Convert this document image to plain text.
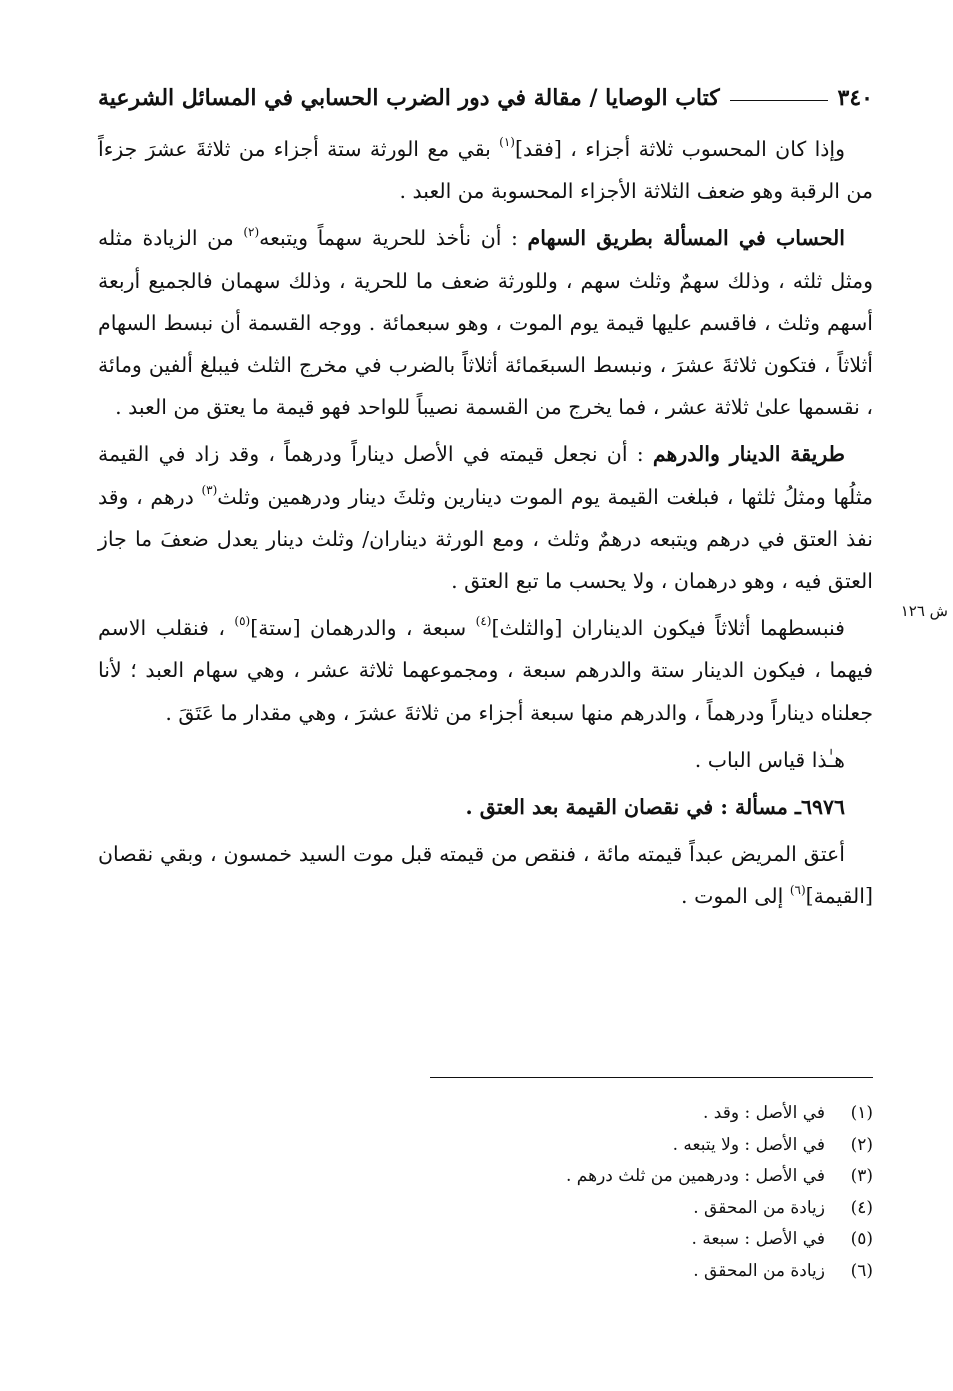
٣٤٠
كتاب الوصايا / مقالة في دور الضرب الحسابي في المسائل الشرعية

وإذا كان المحسوب ثلاثة أجزاء ، [فقد]$^{(١)}$ بقي مع الورثة ستة أجزاء من ثلاثةَ عشرَ جزءاً من الرقبة وهو ضعف الثلاثة الأجزاء المحسوبة من العبد .

الحساب في المسألة بطريق السهام : أن نأخذ للحرية سهماً ويتبعه$^{(٢)}$ من الزيادة مثله ومثل ثلثه ، وذلك سهمٌ وثلث سهم ، وللورثة ضعف ما للحرية ، وذلك سهمان فالجميع أربعة أسهم وثلث ، فاقسم عليها قيمة يوم الموت ، وهو سبعمائة . ووجه القسمة أن نبسط السهام أثلاثاً ، فتكون ثلاثةَ عشرَ ، ونبسط السبعَمائة أثلاثاً بالضرب في مخرج الثلث فيبلغ ألفين ومائة ، نقسمها علىٰ ثلاثة عشر ، فما يخرج من القسمة نصيباً للواحد فهو قيمة ما يعتق من العبد .

طريقة الدينار والدرهم : أن نجعل قيمته في الأصل ديناراً ودرهماً ، وقد زاد في القيمة مثلُها ومثلُ ثلثها ، فبلغت القيمة يوم الموت دينارين وثلثَ دينار ودرهمين وثلث$^{(٣)}$ درهم ، وقد نفذ العتق في درهم ويتبعه درهمٌ وثلث ، ومع الورثة ديناران/ وثلث دينار يعدل ضعفَ ما جاز العتق فيه ، وهو درهمان ، ولا يحسب ما تبع العتق .

فنبسطهما أثلاثاً فيكون الديناران [والثلث]$^{(٤)}$ سبعة ، والدرهمان [ستة]$^{(٥)}$ ، فنقلب الاسم فيهما ، فيكون الدينار ستة والدرهم سبعة ، ومجموعهما ثلاثة عشر ، وهي سهام العبد ؛ لأنا جعلناه ديناراً ودرهماً ، والدرهم منها سبعة أجزاء من ثلاثةَ عشرَ ، وهي مقدار ما عَتَقَ .

هـٰذا قياس الباب .

٦٩٧٦ـ مسألة : في نقصان القيمة بعد العتق .

أعتق المريض عبداً قيمته مائة ، فنقص من قيمته قبل موت السيد خمسون ، وبقي نقصان [القيمة]$^{(٦)}$ إلى الموت .

ش ١٢٦
(١)
في الأصل : وقد .
(٢)
في الأصل : ولا يتبعه .
(٣)
في الأصل : ودرهمين من ثلث درهم .
(٤)
زيادة من المحقق .
(٥)
في الأصل : سبعة .
(٦)
زيادة من المحقق .
